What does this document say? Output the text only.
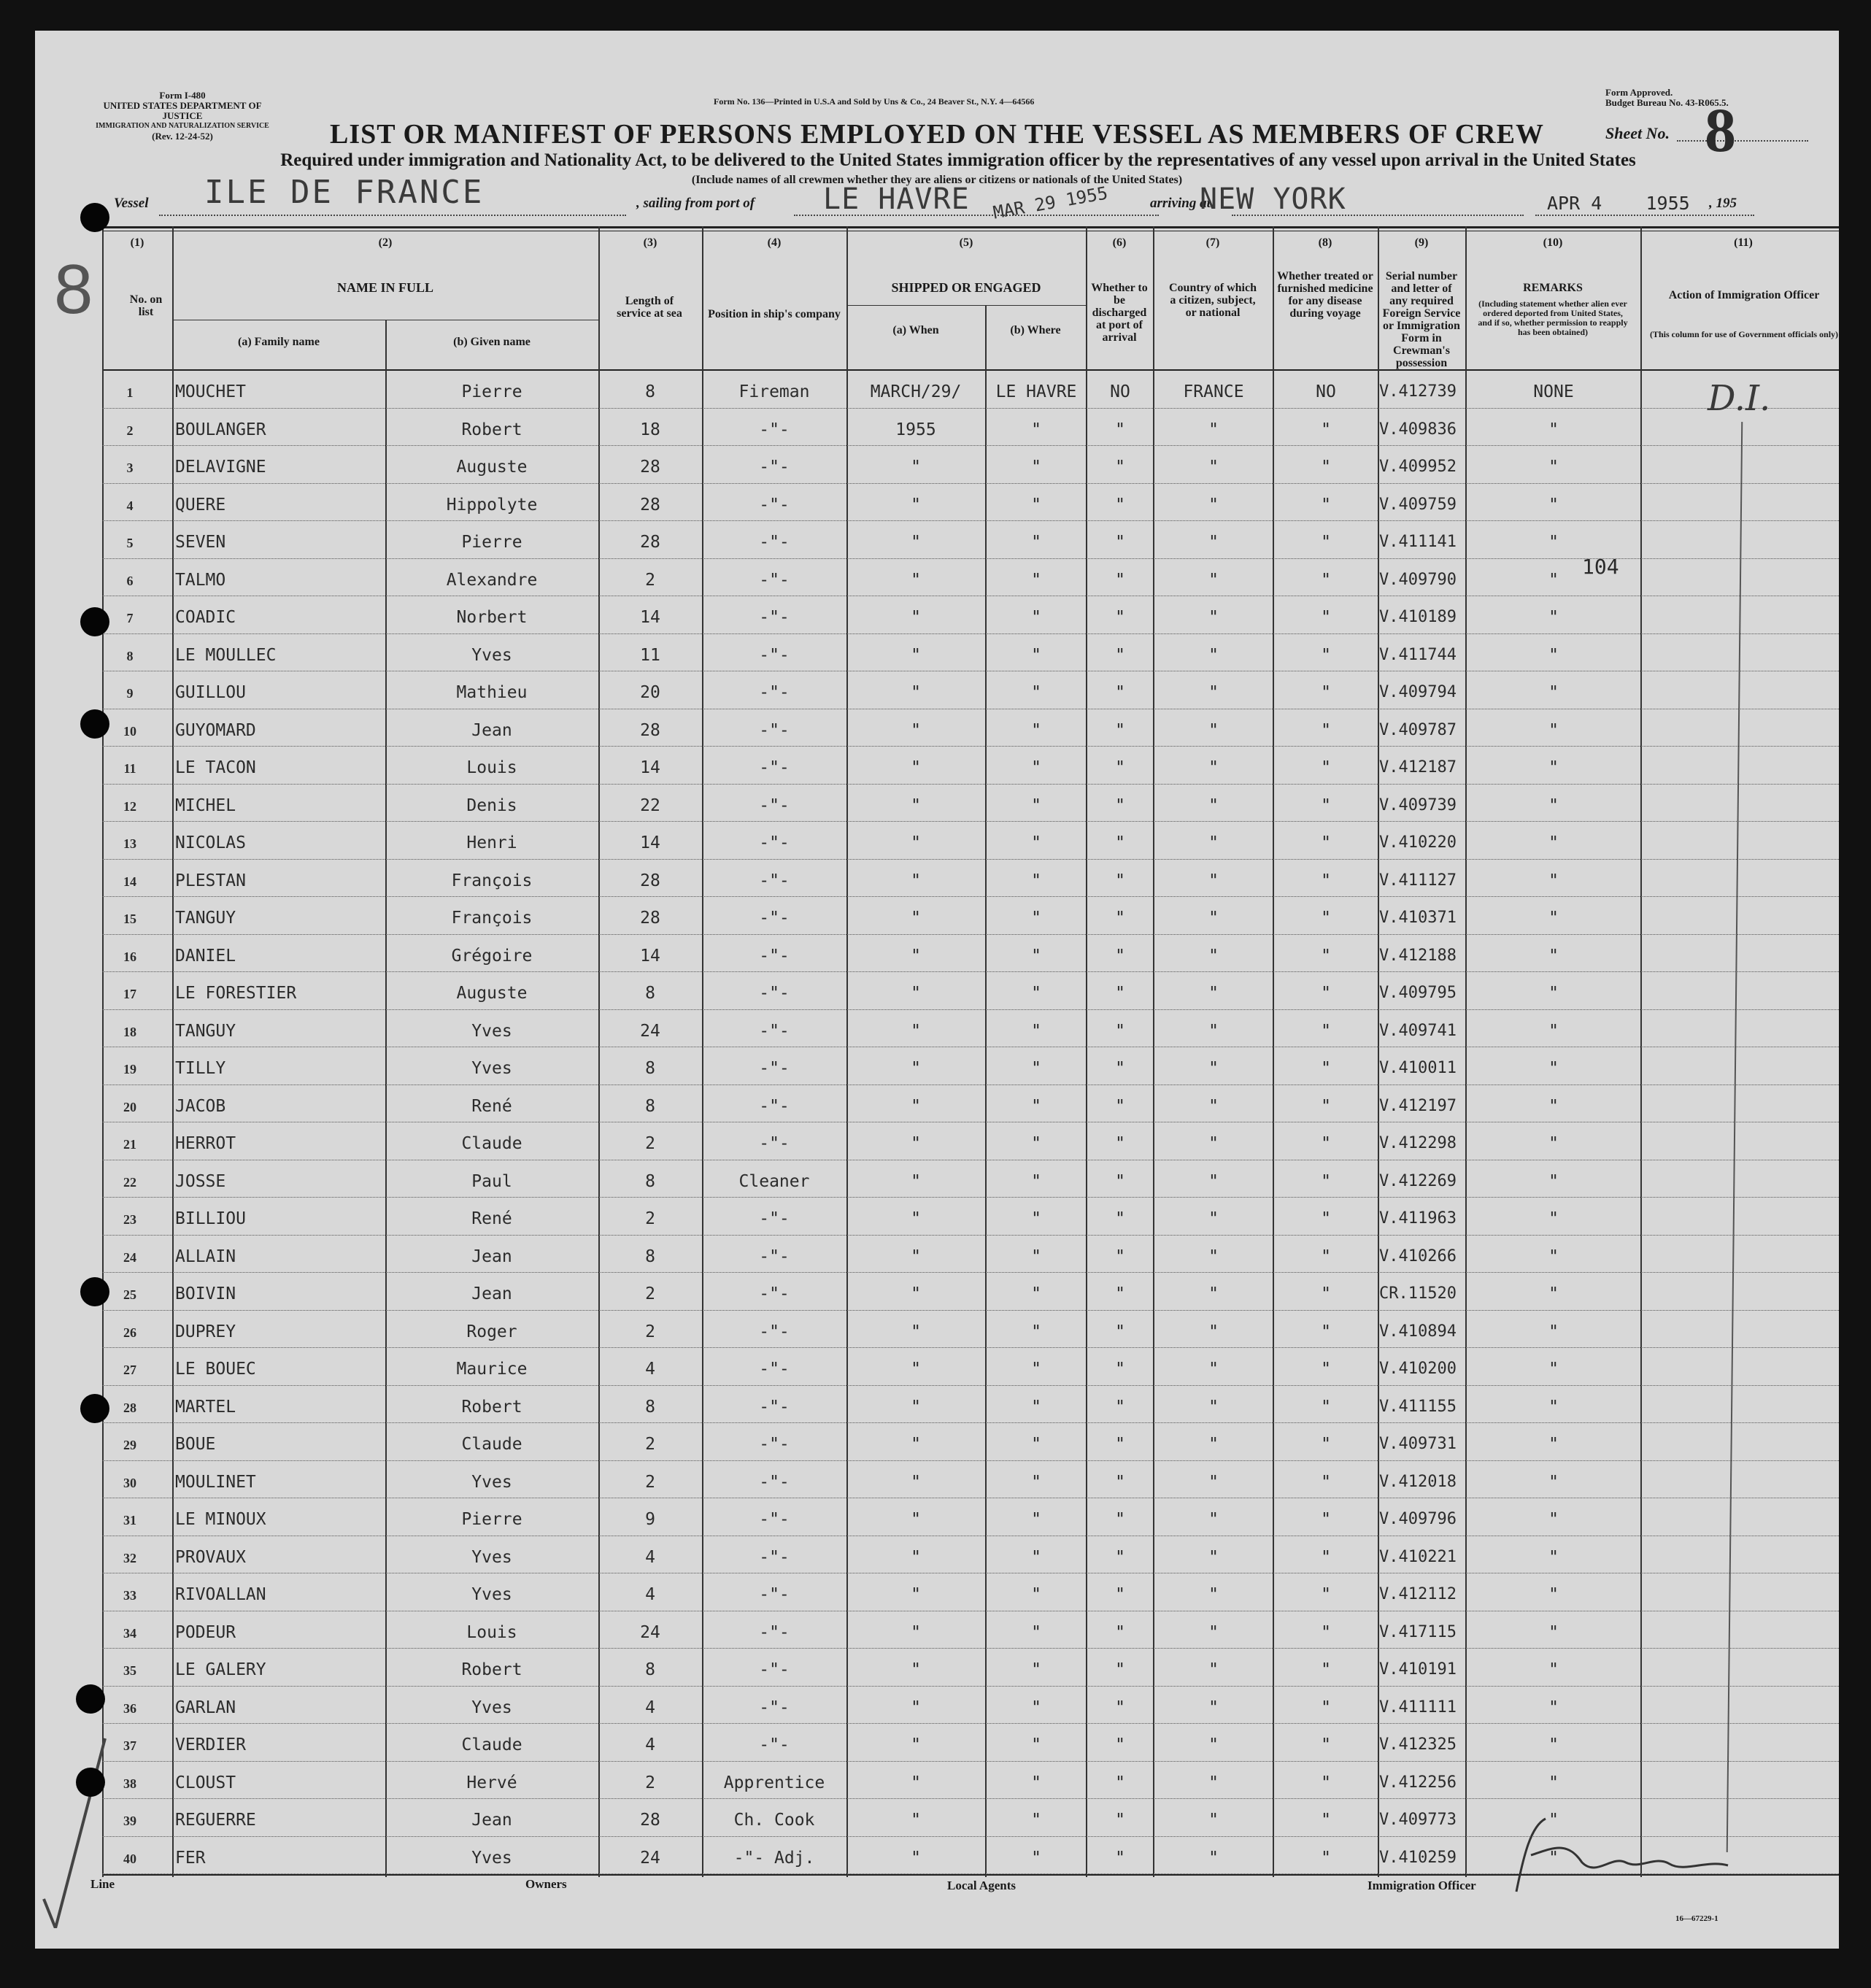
Form I-480
UNITED STATES DEPARTMENT OF JUSTICE
IMMIGRATION AND NATURALIZATION SERVICE
(Rev. 12-24-52)
Form No. 136—Printed in U.S.A and Sold by Uns & Co., 24 Beaver St., N.Y. 4—64566
Form Approved.
Budget Bureau No. 43-R065.5.
LIST OR MANIFEST OF PERSONS EMPLOYED ON THE VESSEL AS MEMBERS OF CREW	Sheet No. 8
Required under immigration and Nationality Act, to be delivered to the United States immigration officer by the representatives of any vessel upon arrival in the United States
(Include names of all crewmen whether they are aliens or citizens or nationals of the United States)
Vessel ILE DE FRANCE	, sailing from port of LE HAVRE MAR 29 1955	arriving at
NEW YORK	APR 4    1955 , 195
8
(1)	(2)	(3)	(4)	(5)	(6)	(7)	(8)	(9)	(10)	(11)
No. on list
NAME IN FULL
(a) Family name	(b) Given name
Length of service at sea	Position in ship's company
SHIPPED OR ENGAGED
(a) When	(b) Where
Whether to be discharged at port of arrival
Country of which a citizen, subject, or national
Whether treated or furnished medicine for any disease during voyage
Serial number and letter of any required Foreign Service or Immigration Form in Crewman's possession
REMARKS
(Including statement whether alien ever ordered deported from United States, and if so, whether permission to reapply has been obtained)
Action of Immigration Officer
(This column for use of Government officials only)
1	MOUCHET	Pierre	8	Fireman	MARCH/29/	LE HAVRE	NO	FRANCE	NO	V.412739	NONE
2	BOULANGER	Robert	18	-"-	1955	"	"	"	"	V.409836	"
3	DELAVIGNE	Auguste	28	-"-	"	"	"	"	"	V.409952	"
4	QUERE	Hippolyte	28	-"-	"	"	"	"	"	V.409759	"
5	SEVEN	Pierre	28	-"-	"	"	"	"	"	V.411141	"
6	TALMO	Alexandre	2	-"-	"	"	"	"	"	V.409790	"
7	COADIC	Norbert	14	-"-	"	"	"	"	"	V.410189	"
8	LE MOULLEC	Yves	11	-"-	"	"	"	"	"	V.411744	"
9	GUILLOU	Mathieu	20	-"-	"	"	"	"	"	V.409794	"
10	GUYOMARD	Jean	28	-"-	"	"	"	"	"	V.409787	"
11	LE TACON	Louis	14	-"-	"	"	"	"	"	V.412187	"
12	MICHEL	Denis	22	-"-	"	"	"	"	"	V.409739	"
13	NICOLAS	Henri	14	-"-	"	"	"	"	"	V.410220	"
14	PLESTAN	François	28	-"-	"	"	"	"	"	V.411127	"
15	TANGUY	François	28	-"-	"	"	"	"	"	V.410371	"
16	DANIEL	Grégoire	14	-"-	"	"	"	"	"	V.412188	"
17	LE FORESTIER	Auguste	8	-"-	"	"	"	"	"	V.409795	"
18	TANGUY	Yves	24	-"-	"	"	"	"	"	V.409741	"
19	TILLY	Yves	8	-"-	"	"	"	"	"	V.410011	"
20	JACOB	René	8	-"-	"	"	"	"	"	V.412197	"
21	HERROT	Claude	2	-"-	"	"	"	"	"	V.412298	"
22	JOSSE	Paul	8	Cleaner	"	"	"	"	"	V.412269	"
23	BILLIOU	René	2	-"-	"	"	"	"	"	V.411963	"
24	ALLAIN	Jean	8	-"-	"	"	"	"	"	V.410266	"
25	BOIVIN	Jean	2	-"-	"	"	"	"	"	CR.11520	"
26	DUPREY	Roger	2	-"-	"	"	"	"	"	V.410894	"
27	LE BOUEC	Maurice	4	-"-	"	"	"	"	"	V.410200	"
28	MARTEL	Robert	8	-"-	"	"	"	"	"	V.411155	"
29	BOUE	Claude	2	-"-	"	"	"	"	"	V.409731	"
30	MOULINET	Yves	2	-"-	"	"	"	"	"	V.412018	"
31	LE MINOUX	Pierre	9	-"-	"	"	"	"	"	V.409796	"
32	PROVAUX	Yves	4	-"-	"	"	"	"	"	V.410221	"
33	RIVOALLAN	Yves	4	-"-	"	"	"	"	"	V.412112	"
34	PODEUR	Louis	24	-"-	"	"	"	"	"	V.417115	"
35	LE GALERY	Robert	8	-"-	"	"	"	"	"	V.410191	"
36	GARLAN	Yves	4	-"-	"	"	"	"	"	V.411111	"
37	VERDIER	Claude	4	-"-	"	"	"	"	"	V.412325	"
38	CLOUST	Hervé	2	Apprentice	"	"	"	"	"	V.412256	"
39	REGUERRE	Jean	28	Ch. Cook	"	"	"	"	"	V.409773	"
40	FER	Yves	24	-"- Adj.	"	"	"	"	"	V.410259	"
104
D.I.
Line	Owners	Local Agents	Immigration Officer
16—67229-1
